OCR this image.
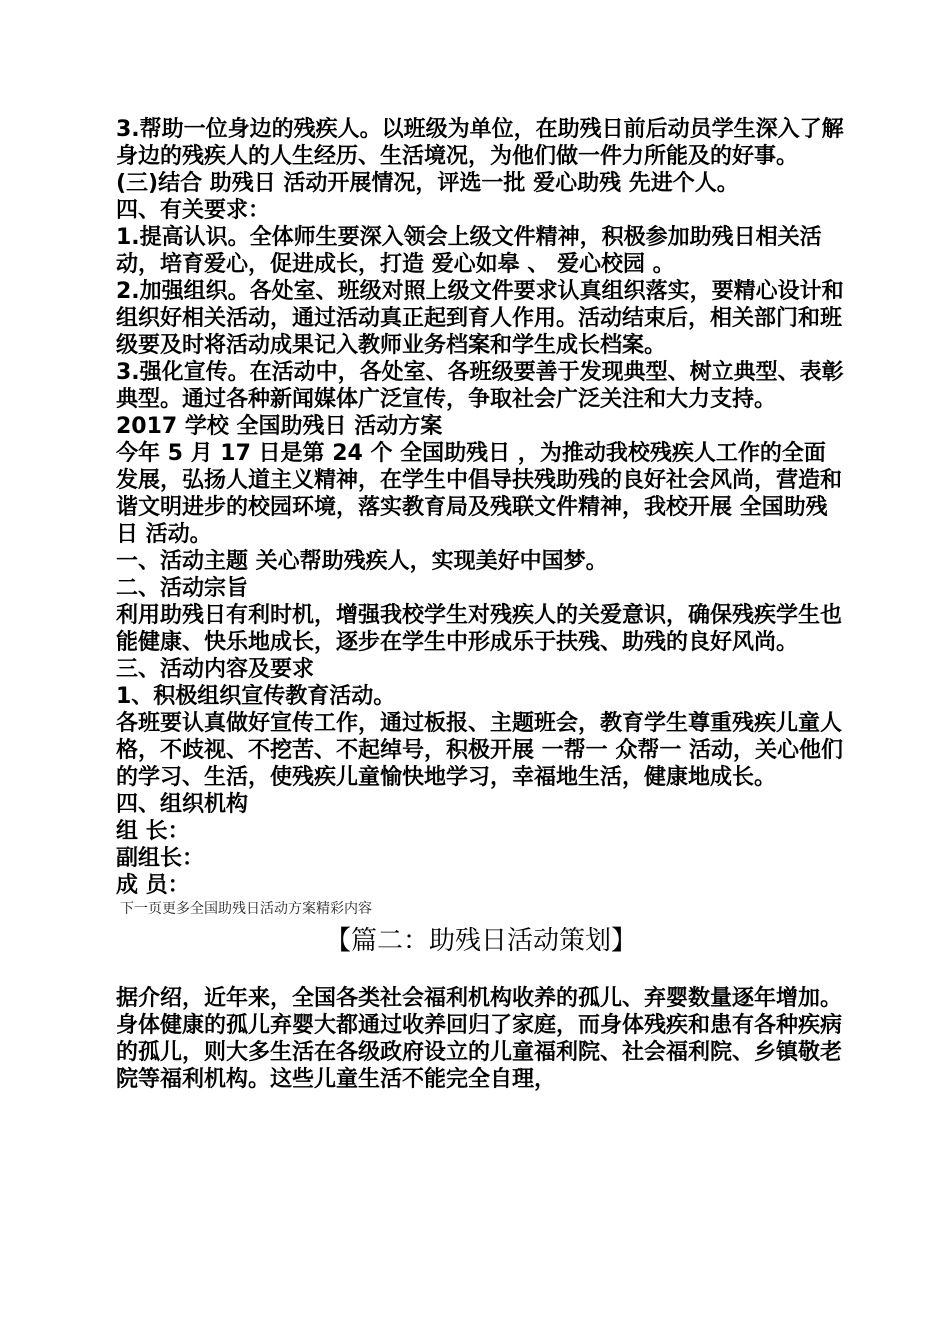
3.帮助一位身边的残疾人。以班级为单位，在助残日前后动员学生深入了解身边的残疾人的人生经历、生活境况，为他们做一件力所能及的好事。

(三)结合 助残日 活动开展情况，评选一批 爱心助残 先进个人。

四、有关要求：

1.提高认识。全体师生要深入领会上级文件精神，积极参加助残日相关活动，培育爱心，促进成长，打造 爱心如皋 、 爱心校园 。

2.加强组织。各处室、班级对照上级文件要求认真组织落实，要精心设计和组织好相关活动，通过活动真正起到育人作用。活动结束后，相关部门和班级要及时将活动成果记入教师业务档案和学生成长档案。

3.强化宣传。在活动中，各处室、各班级要善于发现典型、树立典型、表彰典型。通过各种新闻媒体广泛宣传，争取社会广泛关注和大力支持。

2017 学校 全国助残日 活动方案

今年 5 月 17 日是第 24 个 全国助残日 ，为推动我校残疾人工作的全面发展，弘扬人道主义精神，在学生中倡导扶残助残的良好社会风尚，营造和谐文明进步的校园环境，落实教育局及残联文件精神，我校开展 全国助残日 活动。

一、活动主题 关心帮助残疾人，实现美好中国梦。

二、活动宗旨

利用助残日有利时机，增强我校学生对残疾人的关爱意识，确保残疾学生也能健康、快乐地成长，逐步在学生中形成乐于扶残、助残的良好风尚。

三、活动内容及要求

1、积极组织宣传教育活动。

各班要认真做好宣传工作，通过板报、主题班会，教育学生尊重残疾儿童人格，不歧视、不挖苦、不起绰号，积极开展 一帮一 众帮一 活动，关心他们的学习、生活，使残疾儿童愉快地学习，幸福地生活，健康地成长。

四、组织机构

组 长：

副组长：

成 员：

下一页更多全国助残日活动方案精彩内容

【篇二：助残日活动策划】

据介绍，近年来，全国各类社会福利机构收养的孤儿、弃婴数量逐年增加。身体健康的孤儿弃婴大都通过收养回归了家庭，而身体残疾和患有各种疾病的孤儿，则大多生活在各级政府设立的儿童福利院、社会福利院、乡镇敬老院等福利机构。这些儿童生活不能完全自理，
